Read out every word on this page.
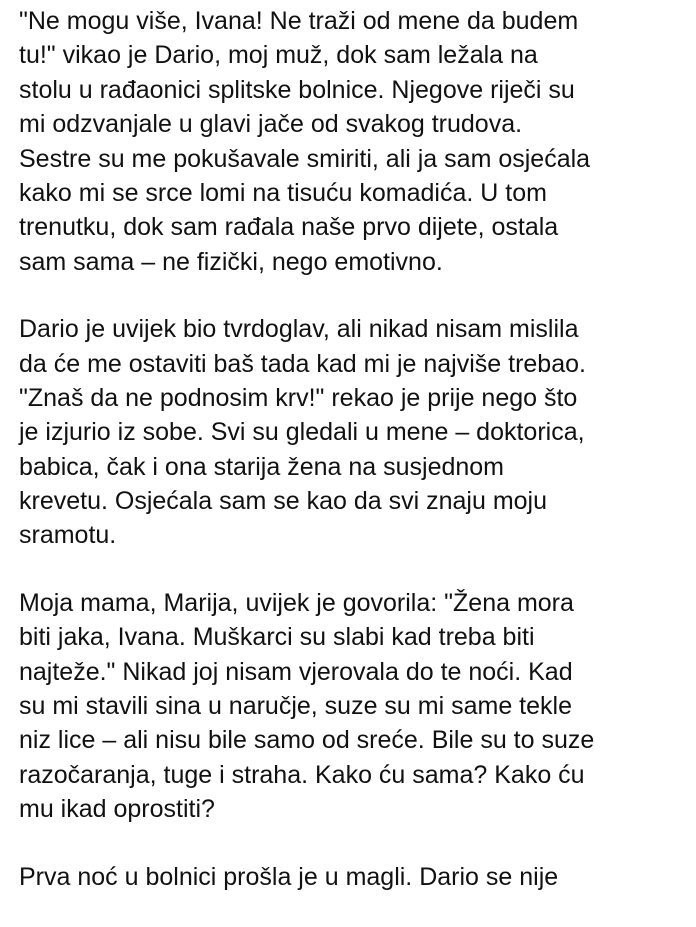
"Ne mogu više, Ivana! Ne traži od mene da budem
tu!" vikao je Dario, moj muž, dok sam ležala na
stolu u rađaonici splitske bolnice. Njegove riječi su
mi odzvanjale u glavi jače od svakog trudova.
Sestre su me pokušavale smiriti, ali ja sam osjećala
kako mi se srce lomi na tisuću komadića. U tom
trenutku, dok sam rađala naše prvo dijete, ostala
sam sama – ne fizički, nego emotivno.

Dario je uvijek bio tvrdoglav, ali nikad nisam mislila
da će me ostaviti baš tada kad mi je najviše trebao.
"Znaš da ne podnosim krv!" rekao je prije nego što
je izjurio iz sobe. Svi su gledali u mene – doktorica,
babica, čak i ona starija žena na susjednom
krevetu. Osjećala sam se kao da svi znaju moju
sramotu.

Moja mama, Marija, uvijek je govorila: "Žena mora
biti jaka, Ivana. Muškarci su slabi kad treba biti
najteže." Nikad joj nisam vjerovala do te noći. Kad
su mi stavili sina u naručje, suze su mi same tekle
niz lice – ali nisu bile samo od sreće. Bile su to suze
razočaranja, tuge i straha. Kako ću sama? Kako ću
mu ikad oprostiti?

Prva noć u bolnici prošla je u magli. Dario se nije
